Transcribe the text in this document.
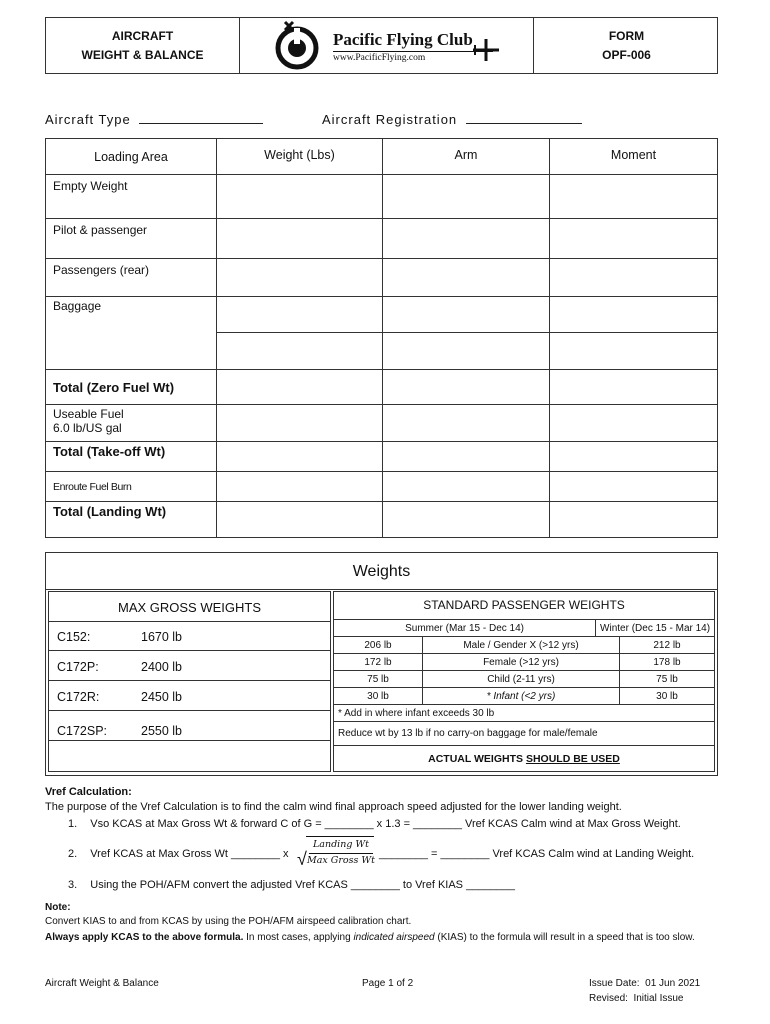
AIRCRAFT
WEIGHT & BALANCE
Pacific Flying Club
www.PacificFlying.com
FORM
OPF-006
Aircraft Type	Aircraft Registration
Loading Area	Weight (Lbs)	Arm	Moment
Empty Weight			
Pilot & passenger			
Passengers (rear)			
Baggage			

Total (Zero Fuel Wt)			

Useable Fuel
6.0 lb/US gal			

Total (Take-off Wt)			
Enroute Fuel Burn			
Total (Landing Wt)			
Weights
MAX GROSS WEIGHTS
C152:	1670 lb
C172P:	2400 lb
C172R:	2450 lb
C172SP:	2550 lb
STANDARD PASSENGER WEIGHTS
Summer (Mar 15 - Dec 14)		Winter (Dec 15 - Mar 14)	
206 lb	Male / Gender X (>12 yrs)		212 lb
172 lb	Female (>12 yrs)		178 lb
75 lb	Child (2-11 yrs)		75 lb
30 lb	* Infant (<2 yrs)		30 lb
* Add in where infant exceeds 30 lb			
Reduce wt by 13 lb if no carry-on baggage for male/female			
ACTUAL WEIGHTS SHOULD BE USED			
Vref Calculation:
The purpose of the Vref Calculation is to find the calm wind final approach speed adjusted for the lower landing weight.
1. Vso KCAS at Max Gross Wt & forward C of G = ________ x 1.3 = ________ Vref KCAS Calm wind at Max Gross Weight.
2. Vref KCAS at Max Gross Wt ________ x √
Landing Wt
Max Gross Wt
________ = ________ Vref KCAS Calm wind at Landing Weight.
3. Using the POH/AFM convert the adjusted Vref KCAS ________ to Vref KIAS ________
Note:
Convert KIAS to and from KCAS by using the POH/AFM airspeed calibration chart.
Always apply KCAS to the above formula. In most cases, applying indicated airspeed (KIAS) to the formula will result in a speed that is too slow.
Aircraft Weight & Balance	Page 1 of 2	Issue Date:  01 Jun 2021
Revised:  Initial Issue
